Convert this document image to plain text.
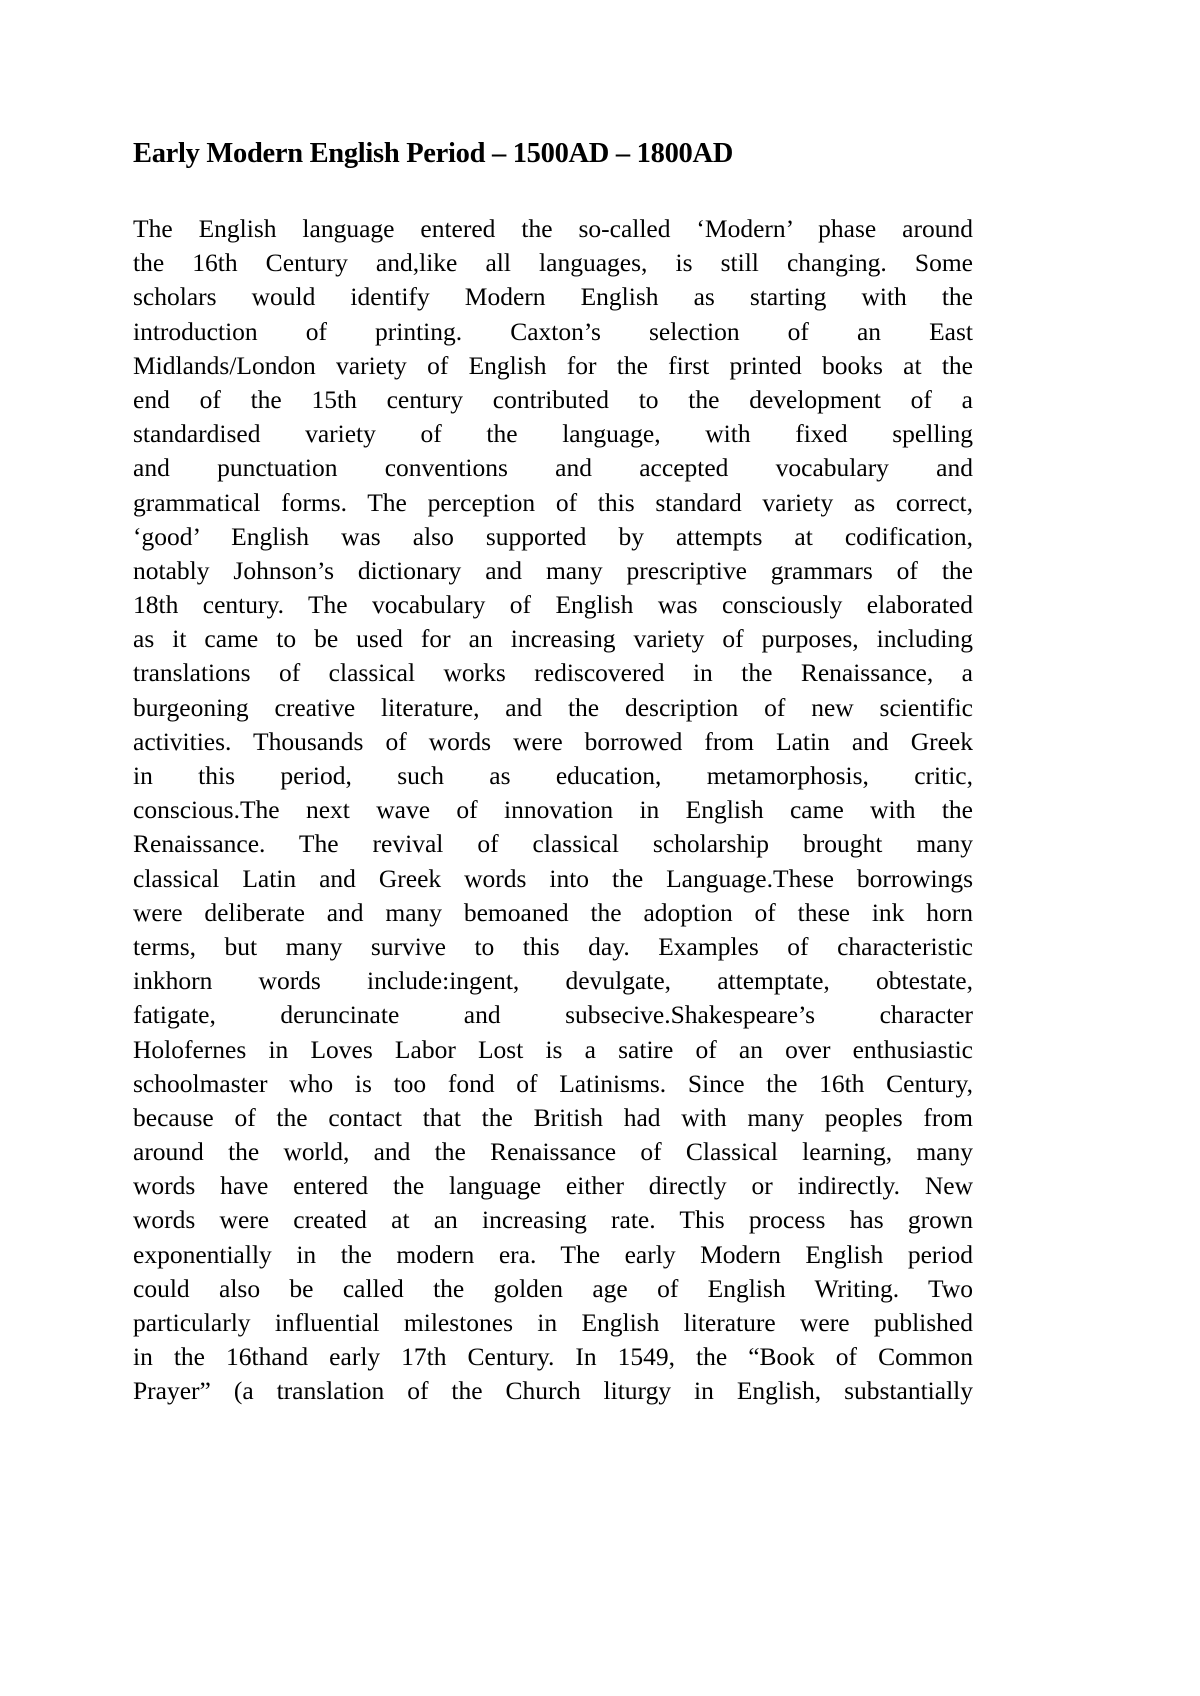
Early Modern English Period – 1500AD – 1800AD
The English language entered the so-called ‘Modern’ phase around
the 16th Century and,like all languages, is still changing. Some
scholars would identify Modern English as starting with the
introduction of printing. Caxton’s selection of an East
Midlands/London variety of English for the first printed books at the
end of the 15th century contributed to the development of a
standardised variety of the language, with fixed spelling
and punctuation conventions and accepted vocabulary and
grammatical forms. The perception of this standard variety as correct,
‘good’ English was also supported by attempts at codification,
notably Johnson’s dictionary and many prescriptive grammars of the
18th century. The vocabulary of English was consciously elaborated
as it came to be used for an increasing variety of purposes, including
translations of classical works rediscovered in the Renaissance, a
burgeoning creative literature, and the description of new scientific
activities. Thousands of words were borrowed from Latin and Greek
in this period, such as education, metamorphosis, critic,
conscious.The next wave of innovation in English came with the
Renaissance. The revival of classical scholarship brought many
classical Latin and Greek words into the Language.These borrowings
were deliberate and many bemoaned the adoption of these ink horn
terms, but many survive to this day. Examples of characteristic
inkhorn words include:ingent, devulgate, attemptate, obtestate,
fatigate, deruncinate and subsecive.Shakespeare’s character
Holofernes in Loves Labor Lost is a satire of an over enthusiastic
schoolmaster who is too fond of Latinisms. Since the 16th Century,
because of the contact that the British had with many peoples from
around the world, and the Renaissance of Classical learning, many
words have entered the language either directly or indirectly. New
words were created at an increasing rate. This process has grown
exponentially in the modern era. The early Modern English period
could also be called the golden age of English Writing. Two
particularly influential milestones in English literature were published
in the 16thand early 17th Century. In 1549, the “Book of Common
Prayer” (a translation of the Church liturgy in English, substantially
